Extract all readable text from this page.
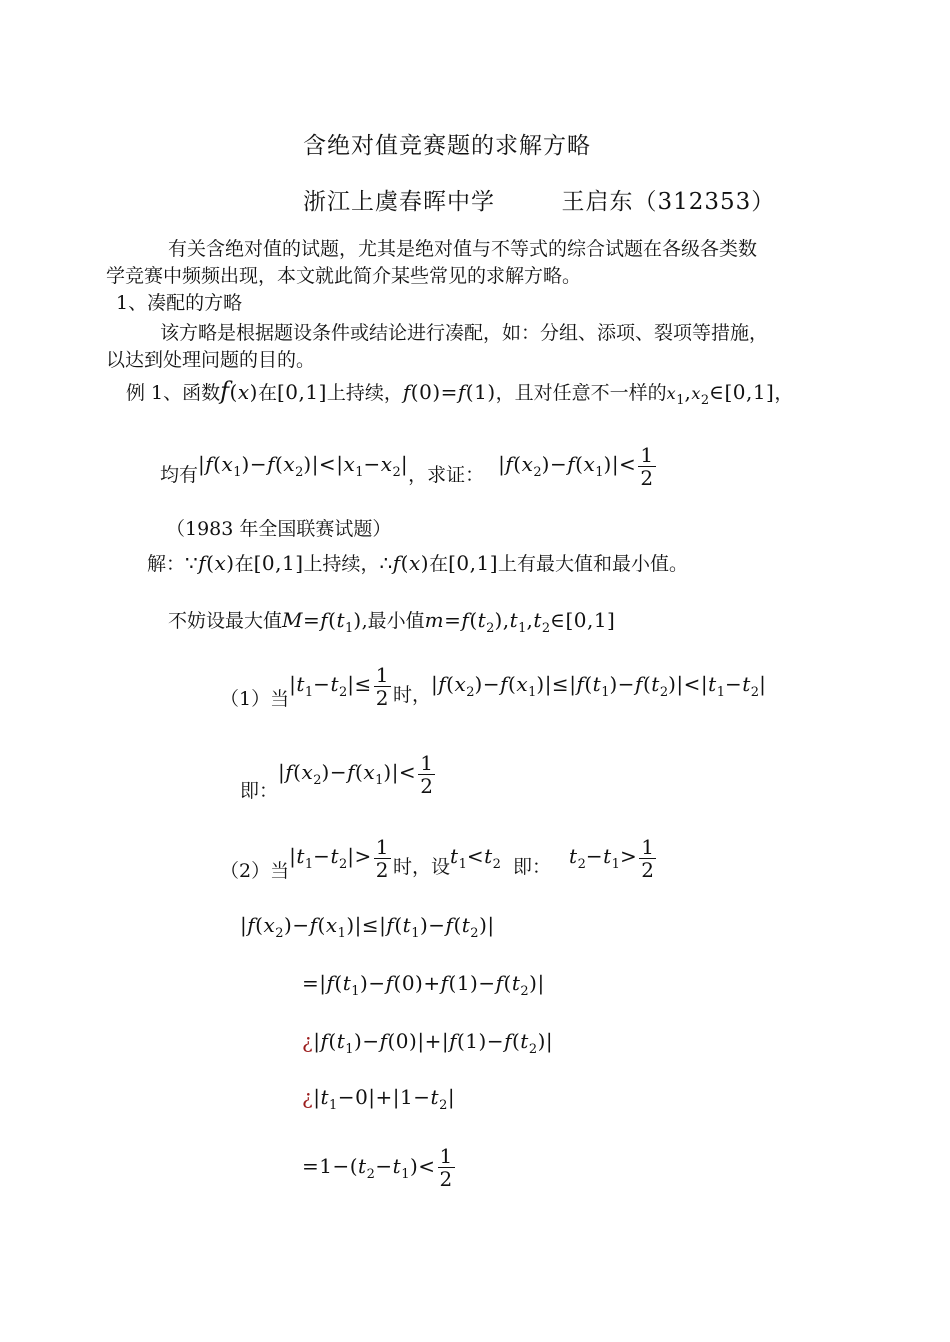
含绝对值竞赛题的求解方略
浙江上虞春晖中学        王启东（312353）
有关含绝对值的试题，尤其是绝对值与不等式的综合试题在各级各类数
学竞赛中频频出现，本文就此简介某些常见的求解方略。
1、凑配的方略
该方略是根据题设条件或结论进行凑配，如：分组、添项、裂项等措施，
以达到处理问题的目的。
例 1、函数f(x)在[0,1]上持续，f(0)=f(1)，且对任意不一样的$x_1,x_2\in[0,1]$，
均有$|f(x_1)-f(x_2)|<|x_1-x_2|$，求证： $|f(x_2)-f(x_1)|< \frac{1}{2}$
（1983 年全国联赛试题）
解：∵f(x)在[0,1]上持续，∴f(x)在[0,1]上有最大值和最小值。
不妨设最大值$M=f(t_1)$,最小值$m=f(t_2),t_1,t_2\in[0,1]$
（1）当$|t_1-t_2|\le \frac{1}{2}$ 时，$|f(x_2)-f(x_1)|\le|f(t_1)-f(t_2)|<|t_1-t_2|$
即：$|f(x_2)-f(x_1)|< \frac{1}{2}$
（2）当$|t_1-t_2|> \frac{1}{2}$ 时，设$t_1<t_2$  即： $t_2-t_1> \frac{1}{2}$
$|f(x_2)-f(x_1)|\le|f(t_1)-f(t_2)|$
$=|f(t_1)-f(0)+f(1)-f(t_2)|$
¿$|f(t_1)-f(0)|+|f(1)-f(t_2)|$
¿$|t_1-0|+|1-t_2|$
$=1-(t_2-t_1)< \frac{1}{2}$
